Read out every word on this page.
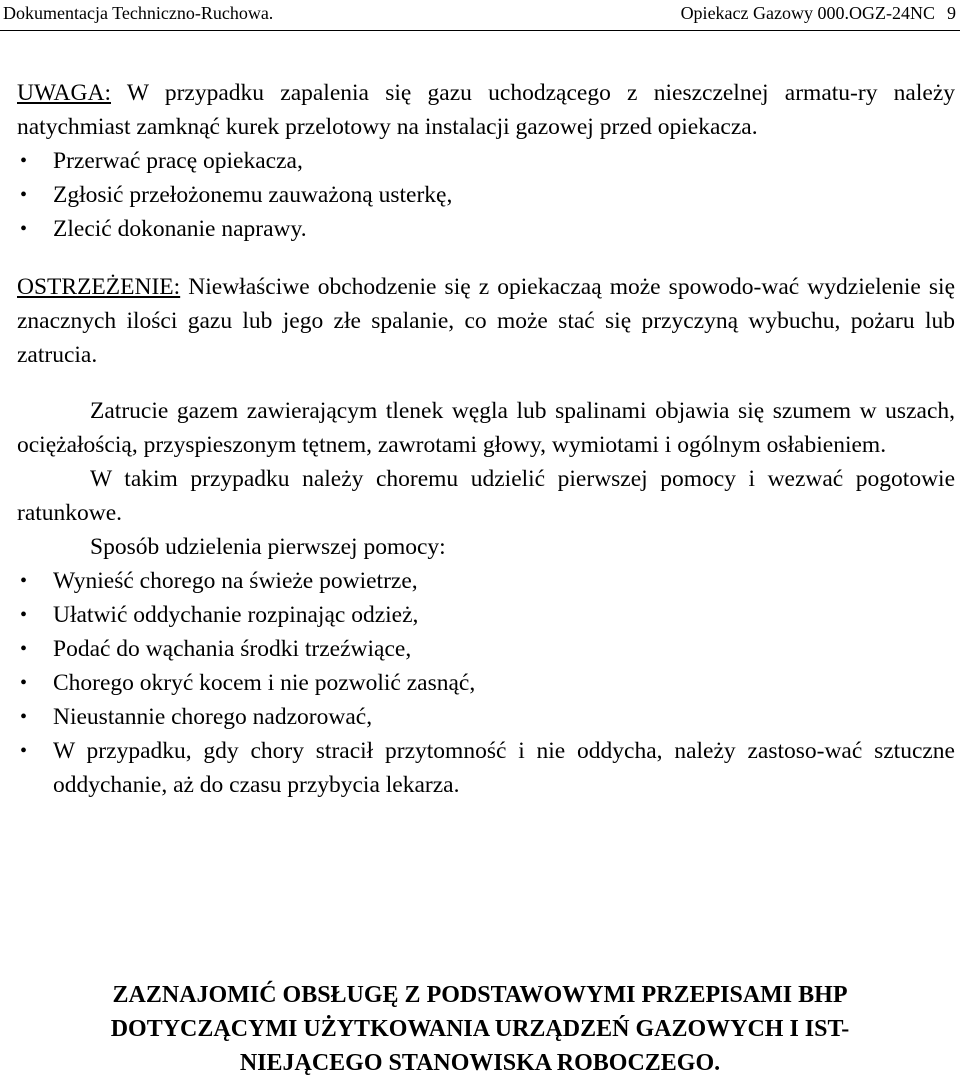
Dokumentacja Techniczno-Ruchowa.	Opiekacz Gazowy 000.OGZ-24NC 9

UWAGA: W przypadku zapalenia się gazu uchodzącego z nieszczelnej armatu-ry należy natychmiast zamknąć kurek przelotowy na instalacji gazowej przed opiekacza.

• Przerwać pracę opiekacza,
• Zgłosić przełożonemu zauważoną usterkę,
• Zlecić dokonanie naprawy.

OSTRZEŻENIE: Niewłaściwe obchodzenie się z opiekaczaą może spowodo-wać wydzielenie się znacznych ilości gazu lub jego złe spalanie, co może stać się przyczyną wybuchu, pożaru lub zatrucia.

Zatrucie gazem zawierającym tlenek węgla lub spalinami objawia się szumem w uszach, ociężałością, przyspieszonym tętnem, zawrotami głowy, wymiotami i ogólnym osłabieniem.

W takim przypadku należy choremu udzielić pierwszej pomocy i wezwać pogotowie ratunkowe.

Sposób udzielenia pierwszej pomocy:

• Wynieść chorego na świeże powietrze,
• Ułatwić oddychanie rozpinając odzież,
• Podać do wąchania środki trzeźwiące,
• Chorego okryć kocem i nie pozwolić zasnąć,
• Nieustannie chorego nadzorować,
• W przypadku, gdy chory stracił przytomność i nie oddycha, należy zastoso-wać sztuczne oddychanie, aż do czasu przybycia lekarza.
ZAZNAJOMIĆ OBSŁUGĘ Z PODSTAWOWYMI PRZEPISAMI BHP
DOTYCZĄCYMI UŻYTKOWANIA URZĄDZEŃ GAZOWYCH I IST-
NIEJĄCEGO STANOWISKA ROBOCZEGO.
